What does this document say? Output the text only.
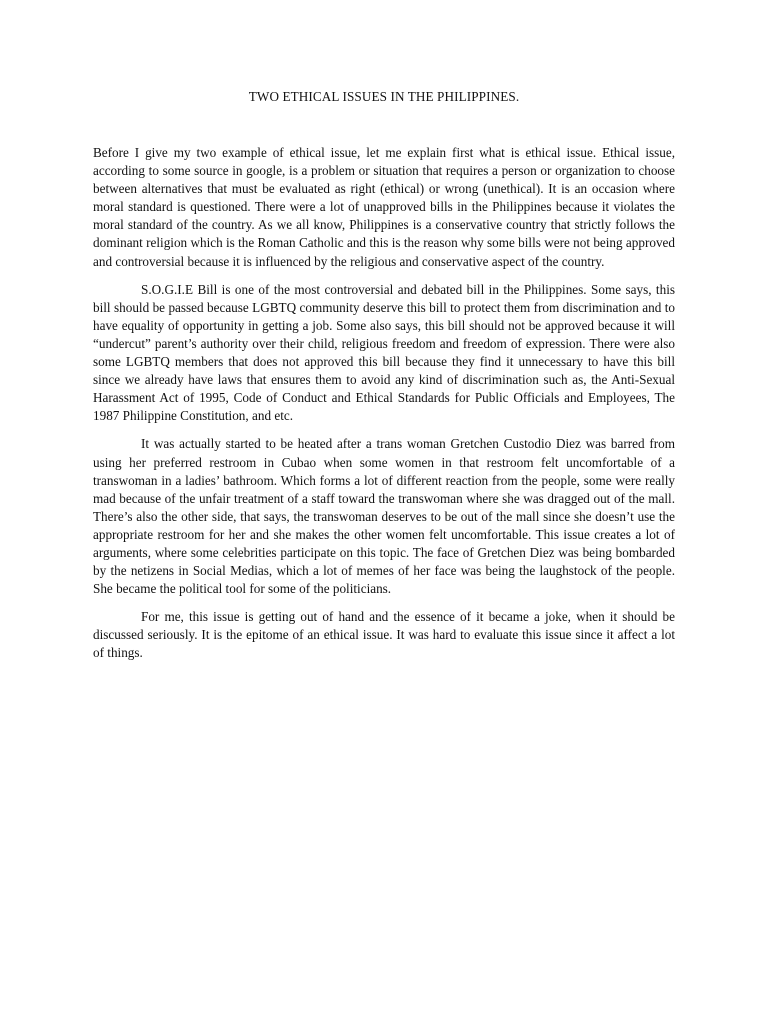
TWO ETHICAL ISSUES IN THE PHILIPPINES.

Before I give my two example of ethical issue, let me explain first what is ethical issue. Ethical issue, according to some source in google, is a problem or situation that requires a person or organization to choose between alternatives that must be evaluated as right (ethical) or wrong (unethical). It is an occasion where moral standard is questioned. There were a lot of unapproved bills in the Philippines because it violates the moral standard of the country. As we all know, Philippines is a conservative country that strictly follows the dominant religion which is the Roman Catholic and this is the reason why some bills were not being approved and controversial because it is influenced by the religious and conservative aspect of the country.

S.O.G.I.E Bill is one of the most controversial and debated bill in the Philippines. Some says, this bill should be passed because LGBTQ community deserve this bill to protect them from discrimination and to have equality of opportunity in getting a job. Some also says, this bill should not be approved because it will “undercut” parent’s authority over their child, religious freedom and freedom of expression. There were also some LGBTQ members that does not approved this bill because they find it unnecessary to have this bill since we already have laws that ensures them to avoid any kind of discrimination such as, the Anti-Sexual Harassment Act of 1995, Code of Conduct and Ethical Standards for Public Officials and Employees, The 1987 Philippine Constitution, and etc.

It was actually started to be heated after a trans woman Gretchen Custodio Diez was barred from using her preferred restroom in Cubao when some women in that restroom felt uncomfortable of a transwoman in a ladies’ bathroom. Which forms a lot of different reaction from the people, some were really mad because of the unfair treatment of a staff toward the transwoman where she was dragged out of the mall. There’s also the other side, that says, the transwoman deserves to be out of the mall since she doesn’t use the appropriate restroom for her and she makes the other women felt uncomfortable. This issue creates a lot of arguments, where some celebrities participate on this topic. The face of Gretchen Diez was being bombarded by the netizens in Social Medias, which a lot of memes of her face was being the laughstock of the people. She became the political tool for some of the politicians.

For me, this issue is getting out of hand and the essence of it became a joke, when it should be discussed seriously. It is the epitome of an ethical issue. It was hard to evaluate this issue since it affect a lot of things.
